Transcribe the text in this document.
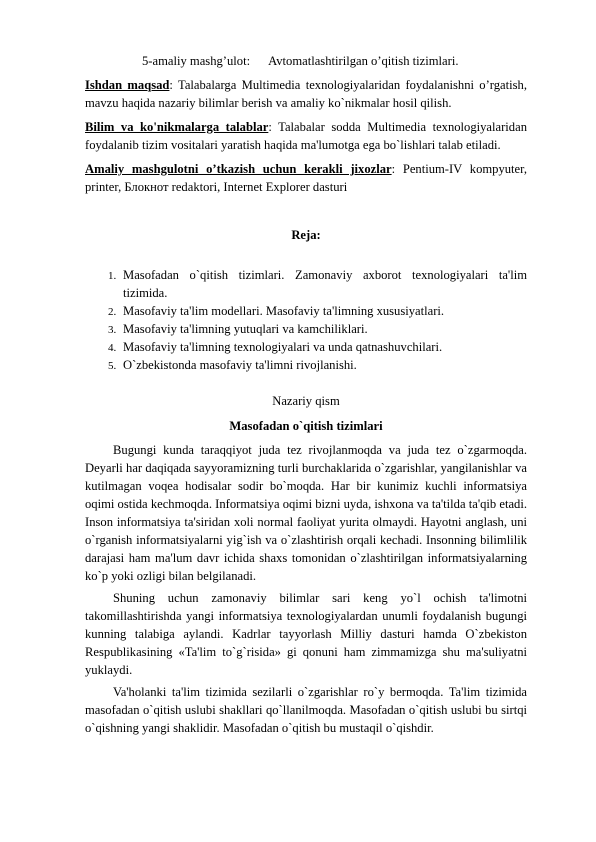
5-amaliy mashg’ulot: Avtomatlashtirilgan o’qitish tizimlari.

Ishdan maqsad: Talabalarga Multimedia texnologiyalaridan foydalanishni o’rgatish, mavzu haqida nazariy bilimlar berish va amaliy ko`nikmalar hosil qilish.

Bilim va ko'nikmalarga talablar: Talabalar sodda Multimedia texnologiyalaridan foydalanib tizim vositalari yaratish haqida ma'lumotga ega bo`lishlari talab etiladi.

Amaliy mashgulotni o’tkazish uchun kerakli jixozlar: Pentium-IV kompyuter, printer, Блокнот redaktori, Internet Explorer dasturi

Reja:

1. Masofadan o`qitish tizimlari. Zamonaviy axborot texnologiyalari ta'lim tizimida.
2. Masofaviy ta'lim modellari. Masofaviy ta'limning xususiyatlari.
3. Masofaviy ta'limning yutuqlari va kamchiliklari.
4. Masofaviy ta'limning texnologiyalari va unda qatnashuvchilari.
5. O`zbekistonda masofaviy ta'limni rivojlanishi.

Nazariy qism

Masofadan o`qitish tizimlari

Bugungi kunda taraqqiyot juda tez rivojlanmoqda va juda tez o`zgarmoqda. Deyarli har daqiqada sayyoramizning turli burchaklarida o`zgarishlar, yangilanishlar va kutilmagan voqea hodisalar sodir bo`moqda. Har bir kunimiz kuchli informatsiya oqimi ostida kechmoqda. Informatsiya oqimi bizni uyda, ishxona va ta'tilda ta'qib etadi. Inson informatsiya ta'siridan xoli normal faoliyat yurita olmaydi. Hayotni anglash, uni o`rganish informatsiyalarni yig`ish va o`zlashtirish orqali kechadi. Insonning bilimlilik darajasi ham ma'lum davr ichida shaxs tomonidan o`zlashtirilgan informatsiyalarning ko`p yoki ozligi bilan belgilanadi.

Shuning uchun zamonaviy bilimlar sari keng yo`l ochish ta'limotni takomillashtirishda yangi informatsiya texnologiyalardan unumli foydalanish bugungi kunning talabiga aylandi. Kadrlar tayyorlash Milliy dasturi hamda O`zbekiston Respublikasining «Ta'lim to`g`risida» gi qonuni ham zimmamizga shu ma'suliyatni yuklaydi.

Va'holanki ta'lim tizimida sezilarli o`zgarishlar ro`y bermoqda. Ta'lim tizimida masofadan o`qitish uslubi shakllari qo`llanilmoqda. Masofadan o`qitish uslubi bu sirtqi o`qishning yangi shaklidir. Masofadan o`qitish bu mustaqil o`qishdir.
